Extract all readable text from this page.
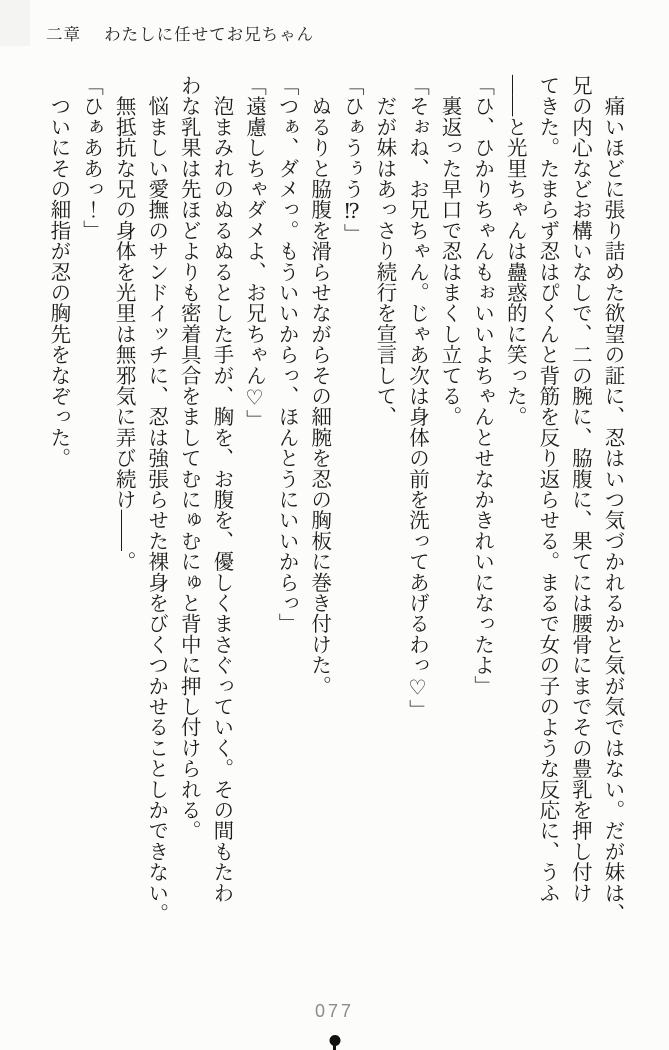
二章 わたしに任せてお兄ちゃん
　痛いほどに張り詰めた欲望の証に、忍はいつ気づかれるかと気が気ではない。だが妹は、
兄の内心などお構いなしで、二の腕に、脇腹に、果てには腰骨にまでその豊乳を押し付け
てきた。たまらず忍はぴくんと背筋を反り返らせる。まるで女の子のような反応に、うふ
――と光里ちゃんは蠱惑的に笑った。
「ひ、ひかりちゃんもぉいいよちゃんとせなかきれいになったよ」
　裏返った早口で忍はまくし立てる。
「そぉね、お兄ちゃん。じゃあ次は身体の前を洗ってあげるわっ♡」
　だが妹はあっさり続行を宣言して、
「ひぁうぅう⁉」
　ぬるりと脇腹を滑らせながらその細腕を忍の胸板に巻き付けた。
「つぁ、ダメっ。もういいからっ、ほんとうにいいからっ」
「遠慮しちゃダメよ、お兄ちゃん♡」
　泡まみれのぬるぬるとした手が、胸を、お腹を、優しくまさぐっていく。その間もたわ
わな乳果は先ほどよりも密着具合をましてむにゅむにゅと背中に押し付けられる。
　悩ましい愛撫のサンドイッチに、忍は強張らせた裸身をびくつかせることしかできない。
　無抵抗な兄の身体を光里は無邪気に弄び続け――。
「ひぁああっ！」
　ついにその細指が忍の胸先をなぞった。
077
